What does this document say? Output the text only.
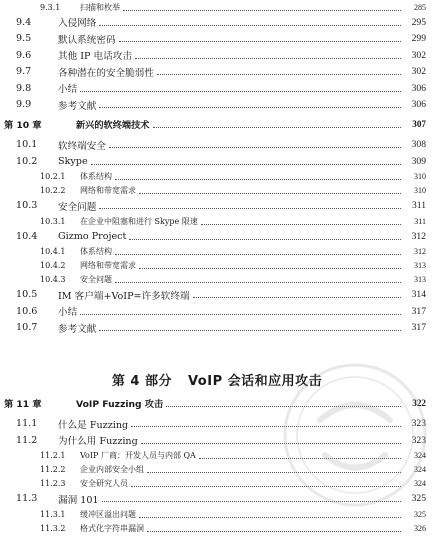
9.3.1 扫描和枚举	285
9.4	入侵网络	295
9.5	默认系统密码	299
9.6	其他 IP 电话攻击	302
9.7	各种潜在的安全脆弱性	302
9.8	小结	306
9.9	参考文献	306
第 10 章	新兴的软终端技术	307
10.1 软终端安全	308
10.2 Skype	309
10.2.1 体系结构	310
10.2.2 网络和带宽需求	310
10.3 安全问题	311
10.3.1 在企业中阻塞和进行 Skype 限速	311
10.4 Gizmo Project	312
10.4.1 体系结构	312
10.4.2 网络和带宽需求	313
10.4.3 安全问题	313
10.5 IM 客户端+VoIP=许多软终端	314
10.6 小结	317
10.7 参考文献	317
第 4 部分 VoIP 会话和应用攻击
第 11 章	VoIP Fuzzing 攻击	322
11.1 什么是 Fuzzing	323
11.2 为什么用 Fuzzing	323
11.2.1 VoIP 厂商：开发人员与内部 QA	324
11.2.2 企业内部安全小组	324
11.2.3 安全研究人员	324
11.3 漏洞 101	325
11.3.1 缓冲区溢出问题	325
11.3.2 格式化字符串漏洞	326
